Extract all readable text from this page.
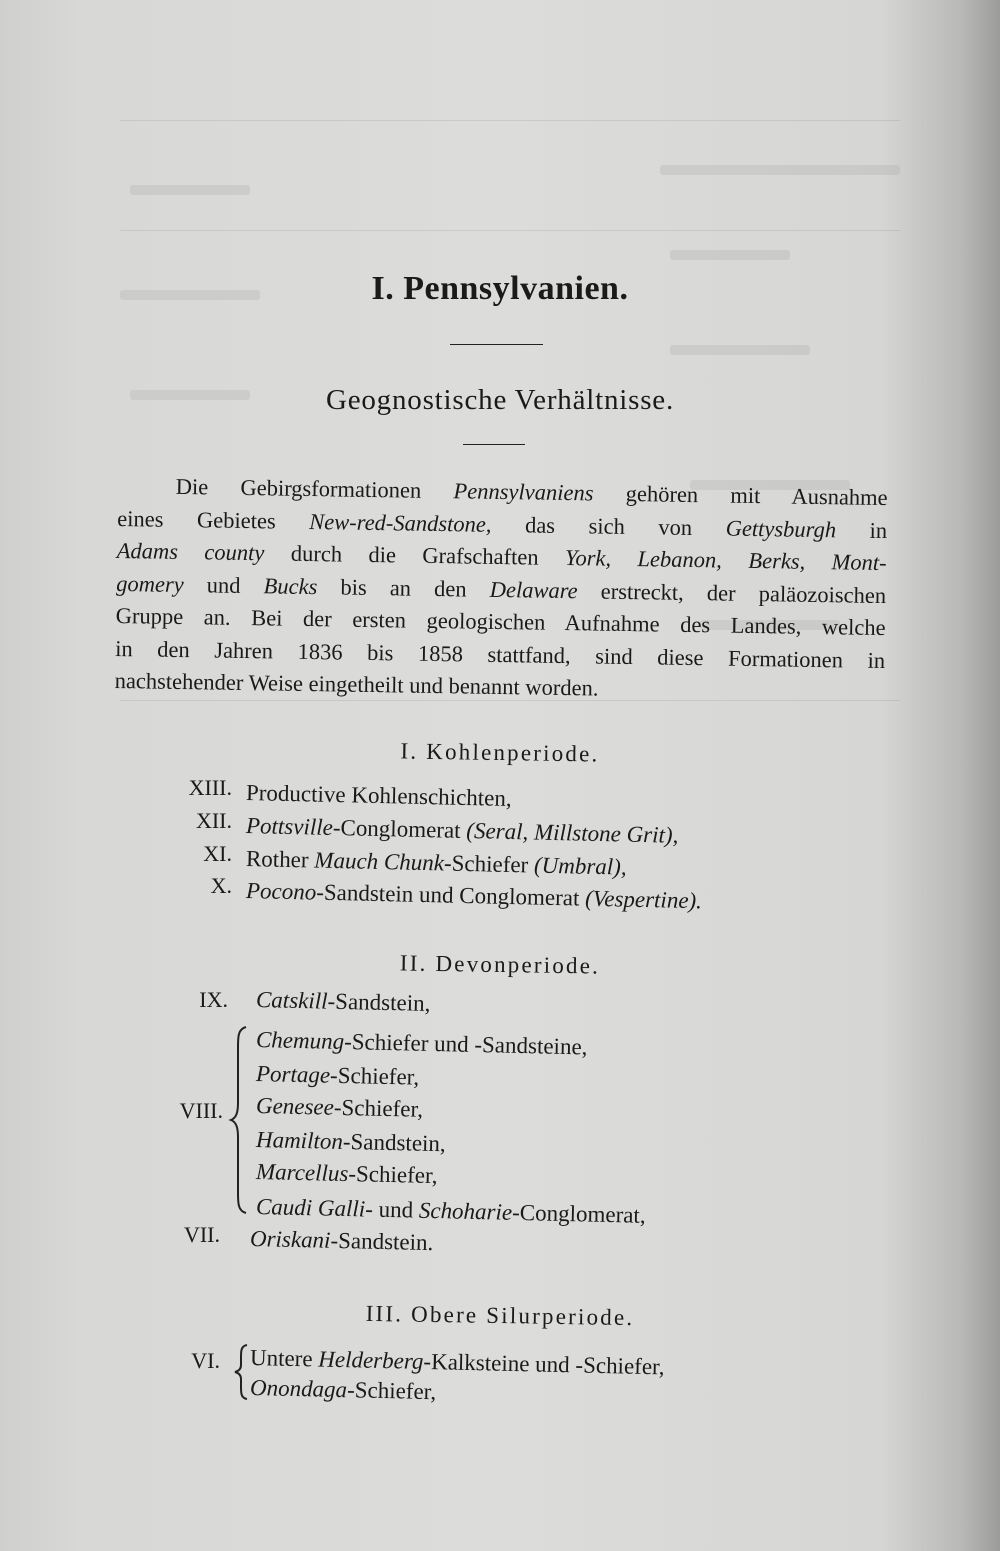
I. Pennsylvanien.
Geognostische Verhältnisse.
Die Gebirgsformationen Pennsylvaniens gehören mit Ausnahme
eines Gebietes New-red-Sandstone, das sich von Gettysburgh in
Adams county durch die Grafschaften York, Lebanon, Berks, Mont-
gomery und Bucks bis an den Delaware erstreckt, der paläozoischen
Gruppe an. Bei der ersten geologischen Aufnahme des Landes, welche
in den Jahren 1836 bis 1858 stattfand, sind diese Formationen in
nachstehender Weise eingetheilt und benannt worden.
I. Kohlenperiode.
II. Devonperiode.
III. Obere Silurperiode.
XIII. Productive Kohlenschichten,
XII. Pottsville-Conglomerat (Seral, Millstone Grit),
XI. Rother Mauch Chunk-Schiefer (Umbral),
X. Pocono-Sandstein und Conglomerat (Vespertine).
IX. Catskill-Sandstein,
Chemung-Schiefer und -Sandsteine,
Portage-Schiefer,
VIII. Genesee-Schiefer,
Hamilton-Sandstein,
Marcellus-Schiefer,
Caudi Galli- und Schoharie-Conglomerat,
VII. Oriskani-Sandstein.
VI. Untere Helderberg-Kalksteine und -Schiefer,
Onondaga-Schiefer,
